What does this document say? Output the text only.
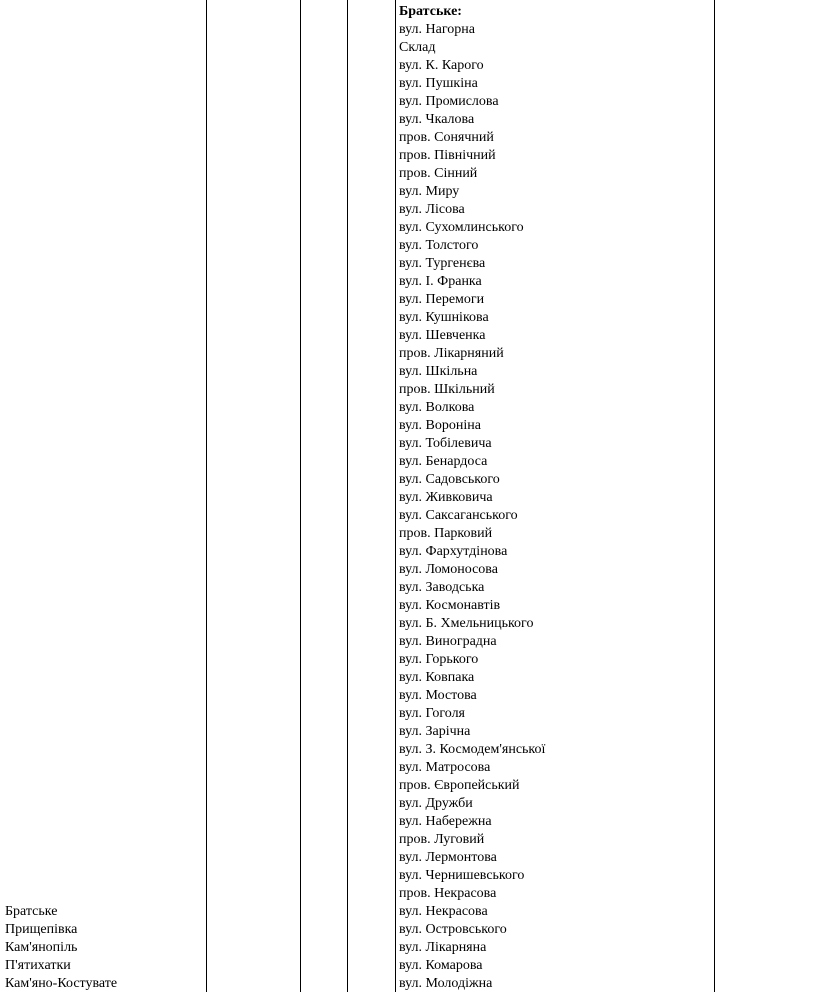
Братське
Прищепівка
Кам'янопіль
П'ятихатки
Кам'яно-Костувате
Братське:
вул. Нагорна
Склад
вул. К. Карого
вул. Пушкіна
вул. Промислова
вул. Чкалова
пров. Сонячний
пров. Північний
пров. Сінний
вул. Миру
вул. Лісова
вул. Сухомлинського
вул. Толстого
вул. Тургенєва
вул. І. Франка
вул. Перемоги
вул. Кушнікова
вул. Шевченка
пров. Лікарняний
вул. Шкільна
пров. Шкільний
вул. Волкова
вул. Вороніна
вул. Тобілевича
вул. Бенардоса
вул. Садовського
вул. Живковича
вул. Саксаганського
пров. Парковий
вул. Фархутдінова
вул. Ломоносова
вул. Заводська
вул. Космонавтів
вул. Б. Хмельницького
вул. Виноградна
вул. Горького
вул. Ковпака
вул. Мостова
вул. Гоголя
вул. Зарічна
вул. З. Космодем'янської
вул. Матросова
пров. Європейський
вул. Дружби
вул. Набережна
пров. Луговий
вул. Лермонтова
вул. Чернишевського
пров. Некрасова
вул. Некрасова
вул. Островського
вул. Лікарняна
вул. Комарова
вул. Молодіжна
